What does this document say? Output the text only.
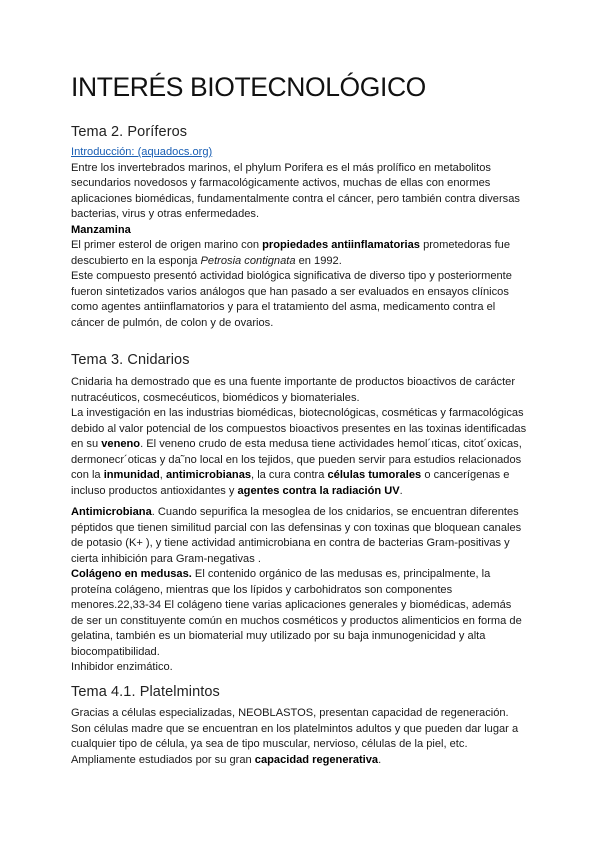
INTERÉS BIOTECNOLÓGICO
Tema 2. Poríferos
Introducción: (aquadocs.org)
Entre los invertebrados marinos, el phylum Porifera es el más prolífico en metabolitos
secundarios novedosos y farmacológicamente activos, muchas de ellas con enormes
aplicaciones biomédicas, fundamentalmente contra el cáncer, pero también contra diversas
bacterias, virus y otras enfermedades.
Manzamina
El primer esterol de origen marino con propiedades antiinflamatorias prometedoras fue
descubierto en la esponja Petrosia contignata en 1992.
Este compuesto presentó actividad biológica significativa de diverso tipo y posteriormente
fueron sintetizados varios análogos que han pasado a ser evaluados en ensayos clínicos
como agentes antiinflamatorios y para el tratamiento del asma, medicamento contra el
cáncer de pulmón, de colon y de ovarios.
Tema 3. Cnidarios
Cnidaria ha demostrado que es una fuente importante de productos bioactivos de carácter
nutracéuticos, cosmecéuticos, biomédicos y biomateriales.
La investigación en las industrias biomédicas, biotecnológicas, cosméticas y farmacológicas
debido al valor potencial de los compuestos bioactivos presentes en las toxinas identificadas
en su veneno. El veneno crudo de esta medusa tiene actividades hemol´ıticas, citot´oxicas,
dermonecr´oticas y da˜no local en los tejidos, que pueden servir para estudios relacionados
con la inmunidad, antimicrobianas, la cura contra células tumorales o cancerígenas e
incluso productos antioxidantes y agentes contra la radiación UV.
Antimicrobiana. Cuando sepurifica la mesoglea de los cnidarios, se encuentran diferentes
péptidos que tienen similitud parcial con las defensinas y con toxinas que bloquean canales
de potasio (K+ ), y tiene actividad antimicrobiana en contra de bacterias Gram-positivas y
cierta inhibición para Gram-negativas .
Colágeno en medusas. El contenido orgánico de las medusas es, principalmente, la
proteína colágeno, mientras que los lípidos y carbohidratos son componentes
menores.22,33-34 El colágeno tiene varias aplicaciones generales y biomédicas, además
de ser un constituyente común en muchos cosméticos y productos alimenticios en forma de
gelatina, también es un biomaterial muy utilizado por su baja inmunogenicidad y alta
biocompatibilidad.
Inhibidor enzimático.
Tema 4.1. Platelmintos
Gracias a células especializadas, NEOBLASTOS, presentan capacidad de regeneración.
Son células madre que se encuentran en los platelmintos adultos y que pueden dar lugar a
cualquier tipo de célula, ya sea de tipo muscular, nervioso, células de la piel, etc.
Ampliamente estudiados por su gran capacidad regenerativa.
